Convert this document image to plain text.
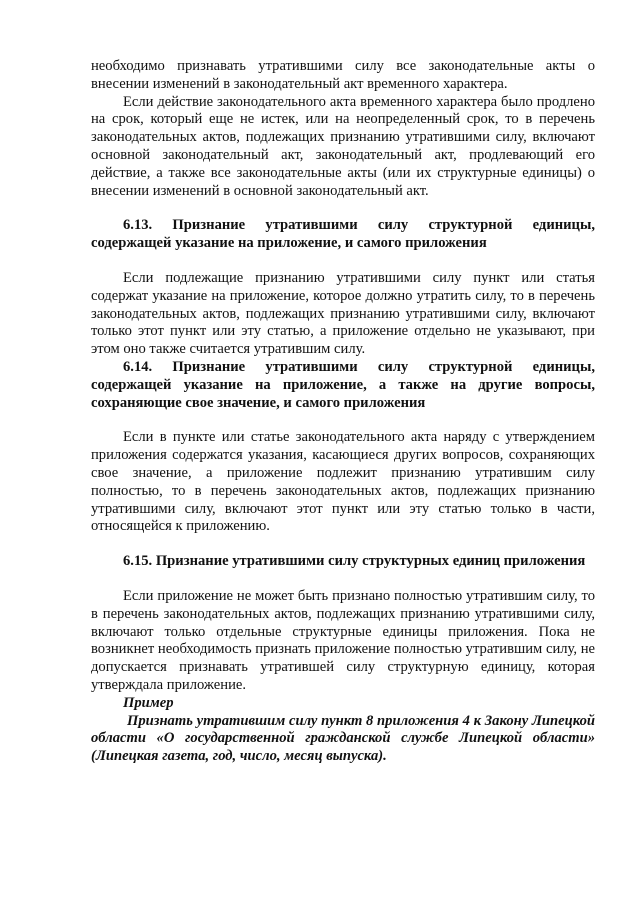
необходимо признавать утратившими силу все законодательные акты о внесении изменений в законодательный акт временного характера.

Если действие законодательного акта временного характера было продлено на срок, который еще не истек, или на неопределенный срок, то в перечень законодательных актов, подлежащих признанию утратившими силу, включают основной законодательный акт, законодательный акт, продлевающий его действие, а также все законодательные акты (или их структурные единицы) о внесении изменений в основной законодательный акт.

6.13. Признание утратившими силу структурной единицы, содержащей указание на приложение, и самого приложения

Если подлежащие признанию утратившими силу пункт или статья содержат указание на приложение, которое должно утратить силу, то в перечень законодательных актов, подлежащих признанию утратившими силу, включают только этот пункт или эту статью, а приложение отдельно не указывают, при этом оно также считается утратившим силу.

6.14. Признание утратившими силу структурной единицы, содержащей указание на приложение, а также на другие вопросы, сохраняющие свое значение, и самого приложения

Если в пункте или статье законодательного акта наряду с утверждением приложения содержатся указания, касающиеся других вопросов, сохраняющих свое значение, а приложение подлежит признанию утратившим силу полностью, то в перечень законодательных актов, подлежащих признанию утратившими силу, включают этот пункт или эту статью только в части, относящейся к приложению.

6.15. Признание утратившими силу структурных единиц приложения

Если приложение не может быть признано полностью утратившим силу, то в перечень законодательных актов, подлежащих признанию утратившими силу, включают только отдельные структурные единицы приложения. Пока не возникнет необходимость признать приложение полностью утратившим силу, не допускается признавать утратившей силу структурную единицу, которая утверждала приложение.

Пример

Признать утратившим силу пункт 8 приложения 4 к Закону Липецкой области «О государственной гражданской службе Липецкой области» (Липецкая газета, год, число, месяц выпуска).
